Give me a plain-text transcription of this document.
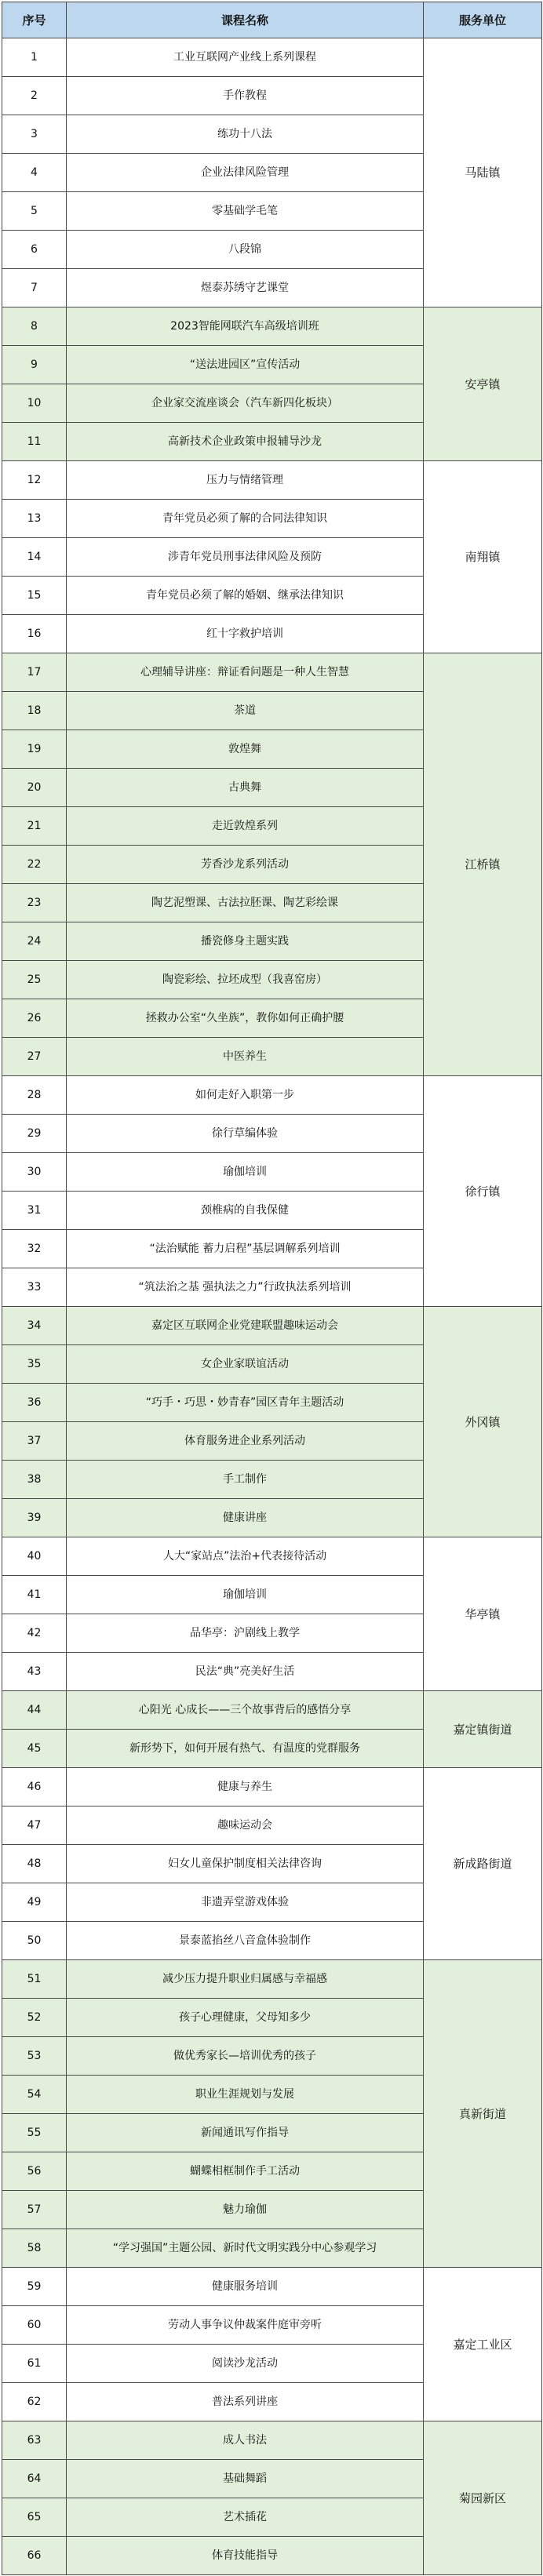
序号	课程名称	服务单位
1	工业互联网产业线上系列课程	马陆镇
2	手作教程	
3	练功十八法	
4	企业法律风险管理	
5	零基础学毛笔	
6	八段锦	
7	煜泰苏绣守艺课堂	
8	2023智能网联汽车高级培训班	安亭镇
9	“送法进园区”宣传活动	
10	企业家交流座谈会（汽车新四化板块）	
11	高新技术企业政策申报辅导沙龙	
12	压力与情绪管理	南翔镇
13	青年党员必须了解的合同法律知识	
14	涉青年党员刑事法律风险及预防	
15	青年党员必须了解的婚姻、继承法律知识	
16	红十字救护培训	
17	心理辅导讲座：辩证看问题是一种人生智慧	江桥镇
18	茶道	
19	敦煌舞	
20	古典舞	
21	走近敦煌系列	
22	芳香沙龙系列活动	
23	陶艺泥塑课、古法拉胚课、陶艺彩绘课	
24	播瓷修身主题实践	
25	陶瓷彩绘、拉坯成型（我喜窑房）	
26	拯救办公室“久坐族”，教你如何正确护腰	
27	中医养生	
28	如何走好入职第一步	徐行镇
29	徐行草编体验	
30	瑜伽培训	
31	颈椎病的自我保健	
32	“法治赋能 蓄力启程”基层调解系列培训	
33	“筑法治之基 强执法之力”行政执法系列培训	
34	嘉定区互联网企业党建联盟趣味运动会	外冈镇
35	女企业家联谊活动	
36	“巧手・巧思・妙青春”园区青年主题活动	
37	体育服务进企业系列活动	
38	手工制作	
39	健康讲座	
40	人大“家站点”法治+代表接待活动	华亭镇
41	瑜伽培训	
42	品华亭：沪剧线上教学	
43	民法“典”亮美好生活	
44	心阳光 心成长——三个故事背后的感悟分享	嘉定镇街道
45	新形势下，如何开展有热气、有温度的党群服务	
46	健康与养生	新成路街道
47	趣味运动会	
48	妇女儿童保护制度相关法律咨询	
49	非遗弄堂游戏体验	
50	景泰蓝掐丝八音盒体验制作	
51	减少压力提升职业归属感与幸福感	真新街道
52	孩子心理健康，父母知多少	
53	做优秀家长—培训优秀的孩子	
54	职业生涯规划与发展	
55	新闻通讯写作指导	
56	蝴蝶相框制作手工活动	
57	魅力瑜伽	
58	“学习强国”主题公园、新时代文明实践分中心参观学习	
59	健康服务培训	嘉定工业区
60	劳动人事争议仲裁案件庭审旁听	
61	阅读沙龙活动	
62	普法系列讲座	
63	成人书法	菊园新区
64	基础舞蹈	
65	艺术插花	
66	体育技能指导	
